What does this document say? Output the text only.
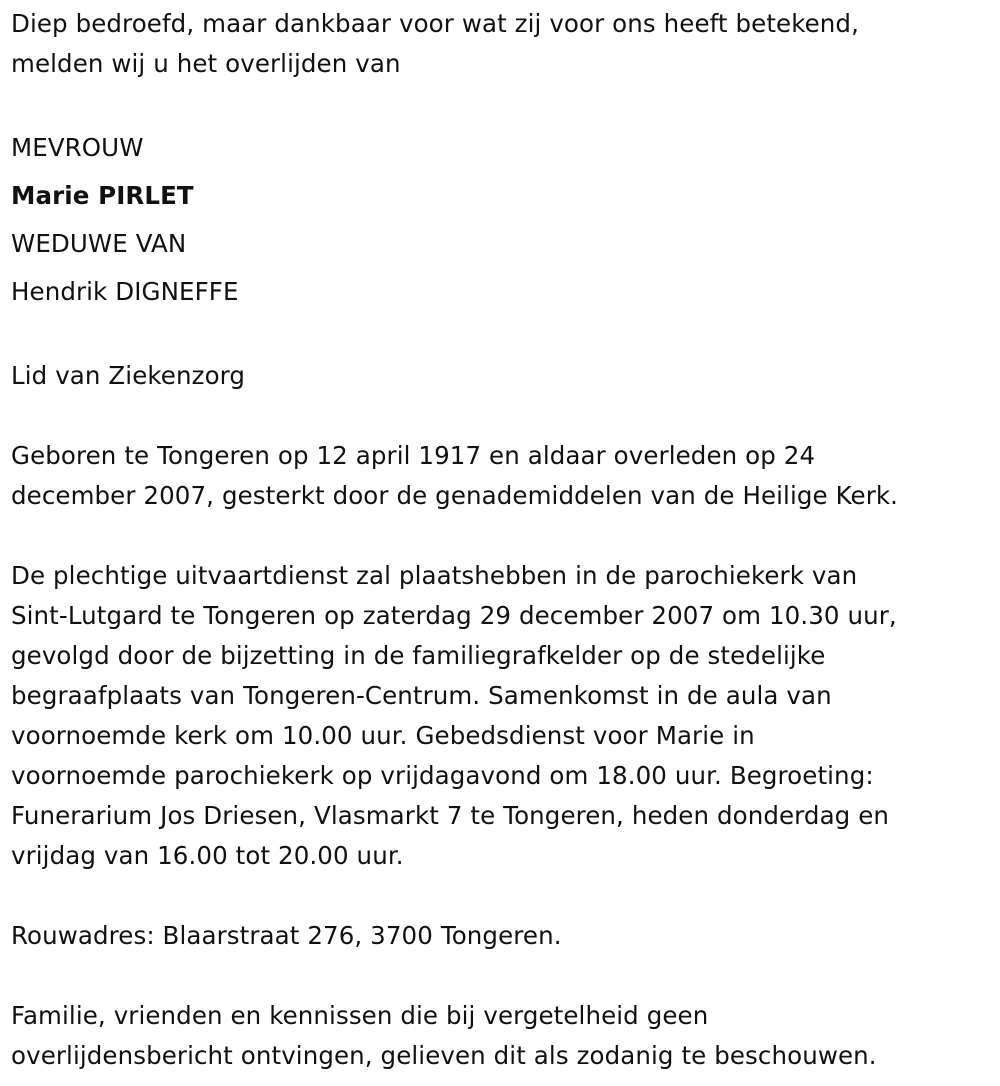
Diep bedroefd, maar dankbaar voor wat zij voor ons heeft betekend,

melden wij u het overlijden van

MEVROUW

Marie PIRLET

WEDUWE VAN

Hendrik DIGNEFFE

Lid van Ziekenzorg

Geboren te Tongeren op 12 april 1917 en aldaar overleden op 24

december 2007, gesterkt door de genademiddelen van de Heilige Kerk.

De plechtige uitvaartdienst zal plaatshebben in de parochiekerk van

Sint-Lutgard te Tongeren op zaterdag 29 december 2007 om 10.30 uur,

gevolgd door de bijzetting in de familiegrafkelder op de stedelijke

begraafplaats van Tongeren-Centrum. Samenkomst in de aula van

voornoemde kerk om 10.00 uur. Gebedsdienst voor Marie in

voornoemde parochiekerk op vrijdagavond om 18.00 uur. Begroeting:

Funerarium Jos Driesen, Vlasmarkt 7 te Tongeren, heden donderdag en

vrijdag van 16.00 tot 20.00 uur.

Rouwadres: Blaarstraat 276, 3700 Tongeren.

Familie, vrienden en kennissen die bij vergetelheid geen

overlijdensbericht ontvingen, gelieven dit als zodanig te beschouwen.
